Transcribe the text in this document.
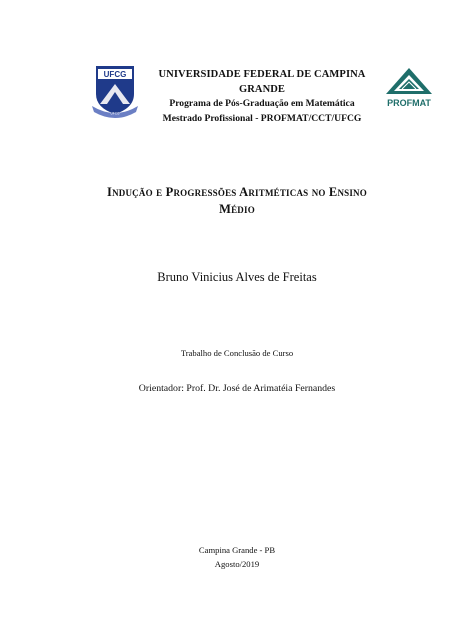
UFCG
UFCG
PROFMAT
UNIVERSIDADE FEDERAL DE CAMPINA GRANDE
Programa de Pós-Graduação em Matemática
Mestrado Profissional - PROFMAT/CCT/UFCG
Indução e Progressões Aritméticas no Ensino
Médio
Bruno Vinicius Alves de Freitas
Trabalho de Conclusão de Curso
Orientador: Prof. Dr. José de Arimatéia Fernandes
Campina Grande - PB
Agosto/2019
